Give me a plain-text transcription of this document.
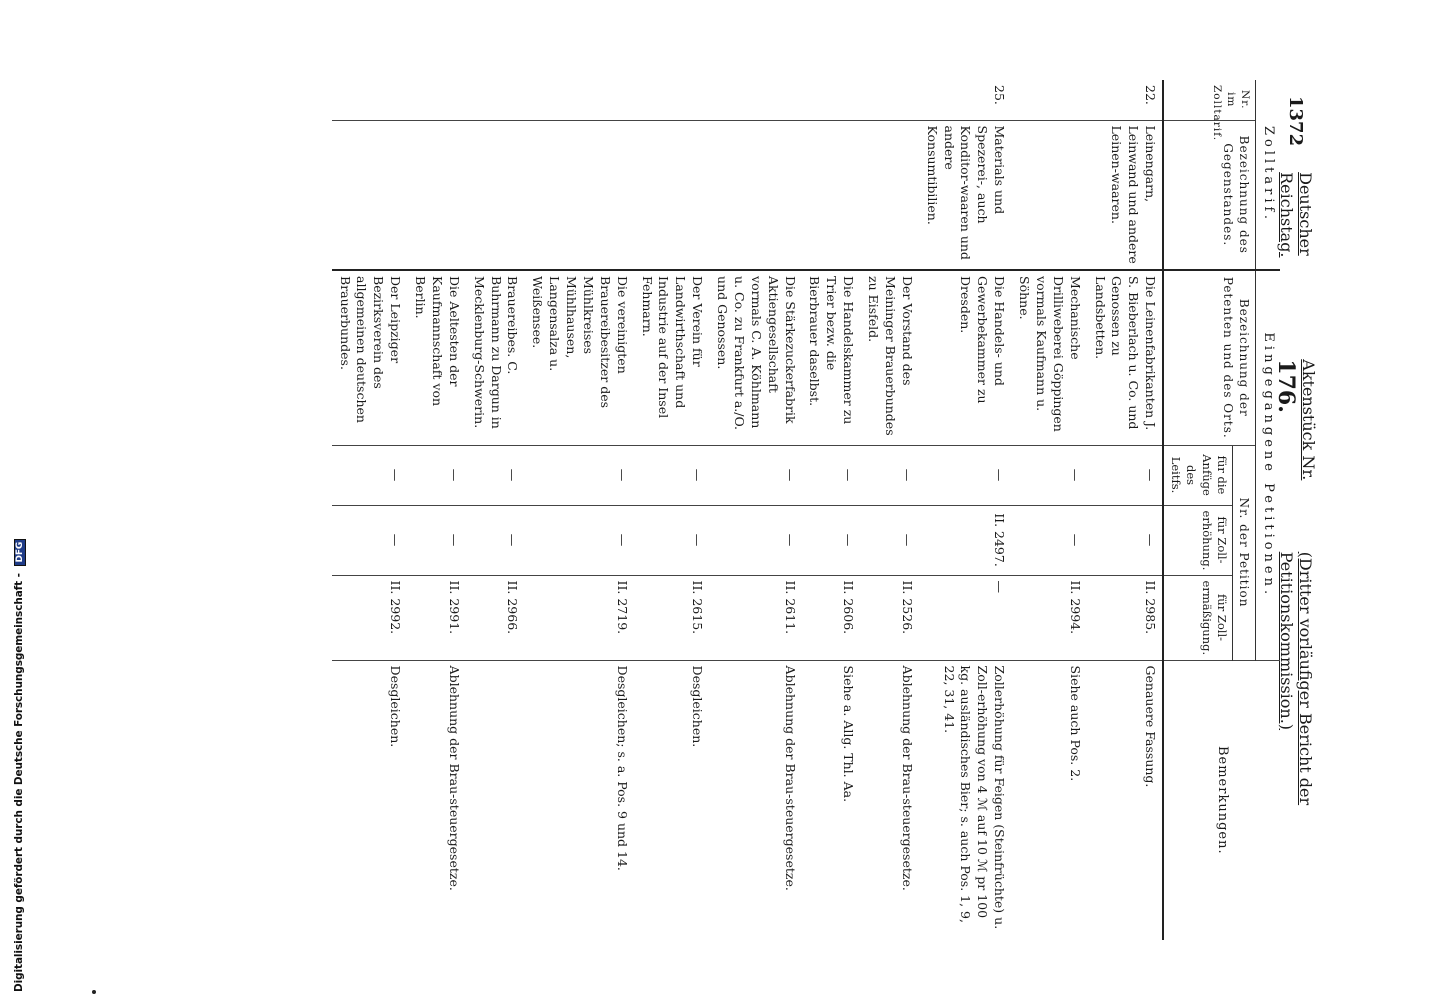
Digitalisierung gefördert durch die Deutsche Forschungsgemeinschaft - DFG
1372
Deutscher Reichstag.
Aktenstück Nr. 176.
(Dritter vorläufiger Bericht der Petitionskommission.)
Zolltarif.		Eingegangene Petitionen.				Bemerkungen.
Nr. im Zolltarif.	Bezeichnung des Gegenstandes.	Bezeichnung der Petenten und des Orts.	Nr. der Petition			
			für die Anfüge des Leitfs.	für Zoll-erhöhung.	für Zoll-ermäßigung.	
22.	Leinengarn, Leinwand und andere Leinen-waaren.	Die Leinenfabrikanten J. S. Bieberlach u. Co. und Genossen zu Landsbetten.	—	—	II. 2985.	Genauere Fassung.
		Mechanische Drilliweberei Göppingen vormals Kaufmann u. Söhne.	—	—	II. 2994.	Siehe auch Pos. 2.
25.	Materials und Spezerei-, auch Konditor-waaren und andere Konsumtibilien.	Die Handels- und Gewerbekammer zu Dresden.	—	II. 2497.	—	Zollerhöhung für Feigen (Steinfrüchte) u. Zoll-erhöhung von 4 ℳ auf 10 ℳ pr 100 kg. ausländisches Bier; s. auch Pos. 1, 9, 22, 31, 41.
		Der Vorstand des Meininger Brauerbundes zu Eisfeld.	—	—	II. 2526.	Ablehnung der Brau-steuergesetze.
		Die Handelskammer zu Trier bezw. die Bierbrauer daselbst.	—	—	II. 2606.	Siehe a. Allg. Thl. Aa.
		Die Stärkezuckerfabrik Aktiengesellschaft vormals C. A. Köhlmann u. Co. zu Frankfurt a./O. und Genossen.	—	—	II. 2611.	Ablehnung der Brau-steuergesetze.
		Der Verein für Landwirthschaft und Industrie auf der Insel Fehmarn.	—	—	II. 2615.	Desgleichen.
		Die vereinigten Brauereibesitzer des Mühlkreises Mühlhausen, Langensalza u. Weißensee.	—	—	II. 2719.	Desgleichen; s. a. Pos. 9 und 14.
		Brauereibes. C. Buhrmann zu Dargun in Mecklenburg-Schwerin.	—	—	II. 2966.	
		Die Aeltesten der Kaufmannschaft von Berlin.	—	—	II. 2991.	Ablehnung der Brau-steuergesetze.
		Der Leipziger Bezirksverein des allgemeinen deutschen Brauerbundes.	—	—	II. 2992.	Desgleichen.
